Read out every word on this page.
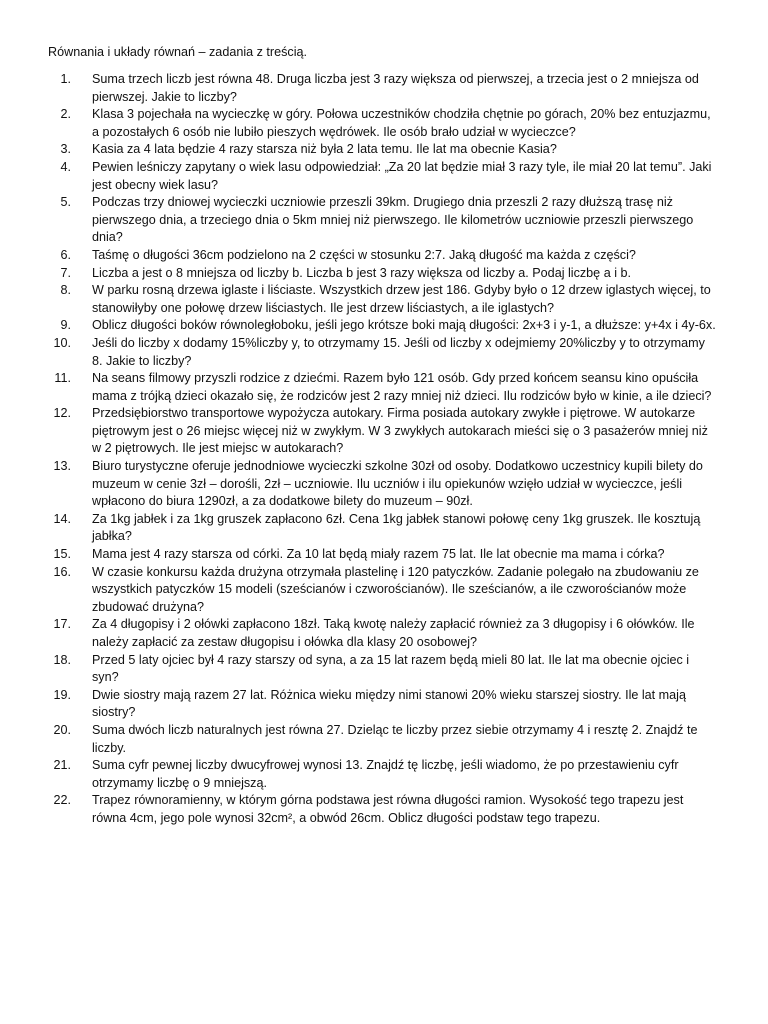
Równania i układy równań – zadania z treścią.
1.	Suma trzech liczb jest równa 48. Druga liczba jest 3 razy większa od pierwszej, a trzecia jest o 2 mniejsza od pierwszej. Jakie to liczby?
2.	Klasa 3 pojechała na wycieczkę w góry. Połowa uczestników chodziła chętnie po górach, 20% bez entuzjazmu, a pozostałych 6 osób nie lubiło pieszych wędrówek. Ile osób brało udział w wycieczce?
3.	Kasia za 4 lata będzie 4 razy starsza niż była 2 lata temu. Ile lat ma obecnie Kasia?
4.	Pewien leśniczy zapytany o wiek lasu odpowiedział: „Za 20 lat będzie miał 3 razy tyle, ile miał 20 lat temu”. Jaki jest obecny wiek lasu?
5.	Podczas trzy dniowej wycieczki uczniowie przeszli 39km. Drugiego dnia przeszli 2 razy dłuższą trasę niż pierwszego dnia, a trzeciego dnia o 5km mniej niż pierwszego. Ile kilometrów uczniowie przeszli pierwszego dnia?
6.	Taśmę o długości 36cm podzielono na 2 części w stosunku 2:7. Jaką długość ma każda z części?
7.	Liczba a jest o 8 mniejsza od liczby b. Liczba b jest 3 razy większa od liczby a. Podaj liczbę a i b.
8.	W parku rosną drzewa iglaste i liściaste. Wszystkich drzew jest 186. Gdyby było o 12 drzew iglastych więcej, to stanowiłyby one połowę drzew liściastych. Ile jest drzew liściastych, a ile iglastych?
9.	Oblicz długości boków równoległoboku, jeśli jego krótsze boki mają długości: 2x+3 i y-1, a dłuższe: y+4x i 4y-6x.
10.	Jeśli do liczby x dodamy 15%liczby y, to otrzymamy 15. Jeśli od liczby x odejmiemy 20%liczby y to otrzymamy 8. Jakie to liczby?
11.	Na seans filmowy przyszli rodzice z dziećmi. Razem było 121 osób. Gdy przed końcem seansu kino opuściła mama z trójką dzieci okazało się, że rodziców jest 2 razy mniej niż dzieci. Ilu rodziców było w kinie, a ile dzieci?
12.	Przedsiębiorstwo transportowe wypożycza autokary. Firma posiada autokary zwykłe i piętrowe. W autokarze piętrowym jest o 26 miejsc więcej niż w zwykłym. W 3 zwykłych autokarach mieści się o 3 pasażerów mniej niż w 2 piętrowych. Ile jest miejsc w autokarach?
13.	Biuro turystyczne oferuje jednodniowe wycieczki szkolne 30zł od osoby. Dodatkowo uczestnicy kupili bilety do muzeum w cenie 3zł – dorośli, 2zł – uczniowie. Ilu uczniów i ilu opiekunów wzięło udział w wycieczce, jeśli wpłacono do biura 1290zł, a za dodatkowe bilety do muzeum – 90zł.
14.	Za 1kg jabłek i za 1kg gruszek zapłacono 6zł. Cena 1kg jabłek stanowi połowę ceny 1kg gruszek. Ile kosztują jabłka?
15.	Mama jest 4 razy starsza od córki. Za 10 lat będą miały razem 75 lat. Ile lat obecnie ma mama i córka?
16.	W czasie konkursu każda drużyna otrzymała plastelinę i 120 patyczków. Zadanie polegało na zbudowaniu ze wszystkich patyczków 15 modeli (sześcianów i czworościanów). Ile sześcianów, a ile czworościanów może zbudować drużyna?
17.	Za 4 długopisy i 2 ołówki zapłacono 18zł. Taką kwotę należy zapłacić również za 3 długopisy i 6 ołówków. Ile należy zapłacić za zestaw długopisu i ołówka dla klasy 20 osobowej?
18.	Przed 5 laty ojciec był 4 razy starszy od syna, a za 15 lat razem będą mieli 80 lat. Ile lat ma obecnie ojciec i syn?
19.	Dwie siostry mają razem 27 lat. Różnica wieku między nimi stanowi 20% wieku starszej siostry. Ile lat mają siostry?
20.	Suma dwóch liczb naturalnych jest równa 27. Dzieląc te liczby przez siebie otrzymamy 4 i resztę 2. Znajdź te liczby.
21.	Suma cyfr pewnej liczby dwucyfrowej wynosi 13. Znajdź tę liczbę, jeśli wiadomo, że po przestawieniu cyfr otrzymamy liczbę o 9 mniejszą.
22.	Trapez równoramienny, w którym górna podstawa jest równa długości ramion. Wysokość tego trapezu jest równa 4cm, jego pole wynosi 32cm², a obwód 26cm. Oblicz długości podstaw tego trapezu.
